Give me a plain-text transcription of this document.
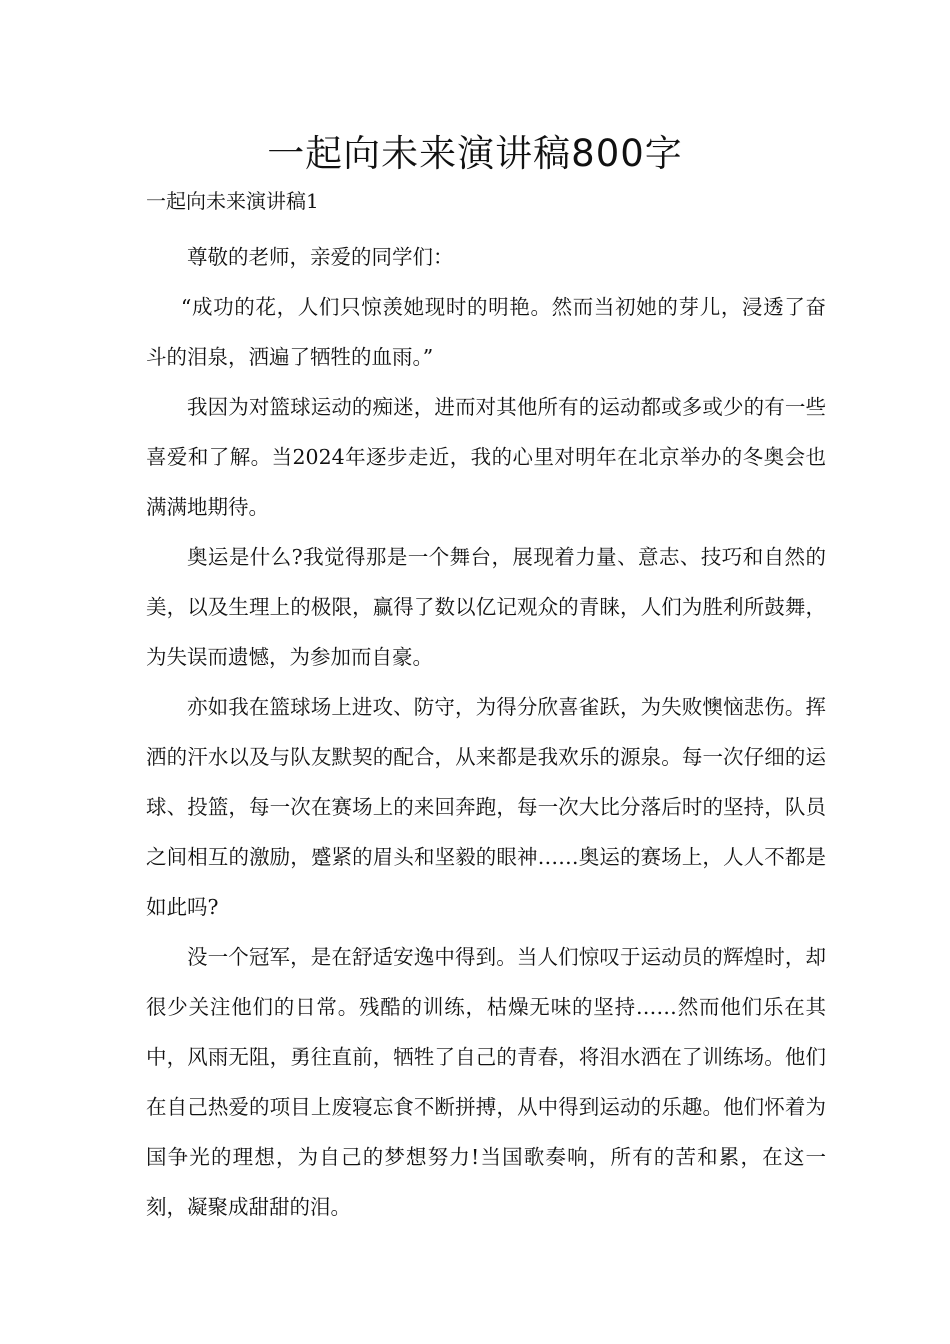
一起向未来演讲稿800字

一起向未来演讲稿1

尊敬的老师，亲爱的同学们：

“成功的花，人们只惊羡她现时的明艳。然而当初她的芽儿，浸透了奋斗的泪泉，洒遍了牺牲的血雨。”

我因为对篮球运动的痴迷，进而对其他所有的运动都或多或少的有一些喜爱和了解。当2024年逐步走近，我的心里对明年在北京举办的冬奥会也满满地期待。

奥运是什么?我觉得那是一个舞台，展现着力量、意志、技巧和自然的美，以及生理上的极限，赢得了数以亿记观众的青睐，人们为胜利所鼓舞，为失误而遗憾，为参加而自豪。

亦如我在篮球场上进攻、防守，为得分欣喜雀跃，为失败懊恼悲伤。挥洒的汗水以及与队友默契的配合，从来都是我欢乐的源泉。每一次仔细的运球、投篮，每一次在赛场上的来回奔跑，每一次大比分落后时的坚持，队员之间相互的激励，蹙紧的眉头和坚毅的眼神……奥运的赛场上，人人不都是如此吗?

没一个冠军，是在舒适安逸中得到。当人们惊叹于运动员的辉煌时，却很少关注他们的日常。残酷的训练，枯燥无味的坚持……然而他们乐在其中，风雨无阻，勇往直前，牺牲了自己的青春，将泪水洒在了训练场。他们在自己热爱的项目上废寝忘食不断拼搏，从中得到运动的乐趣。他们怀着为国争光的理想，为自己的梦想努力!当国歌奏响，所有的苦和累，在这一刻，凝聚成甜甜的泪。
